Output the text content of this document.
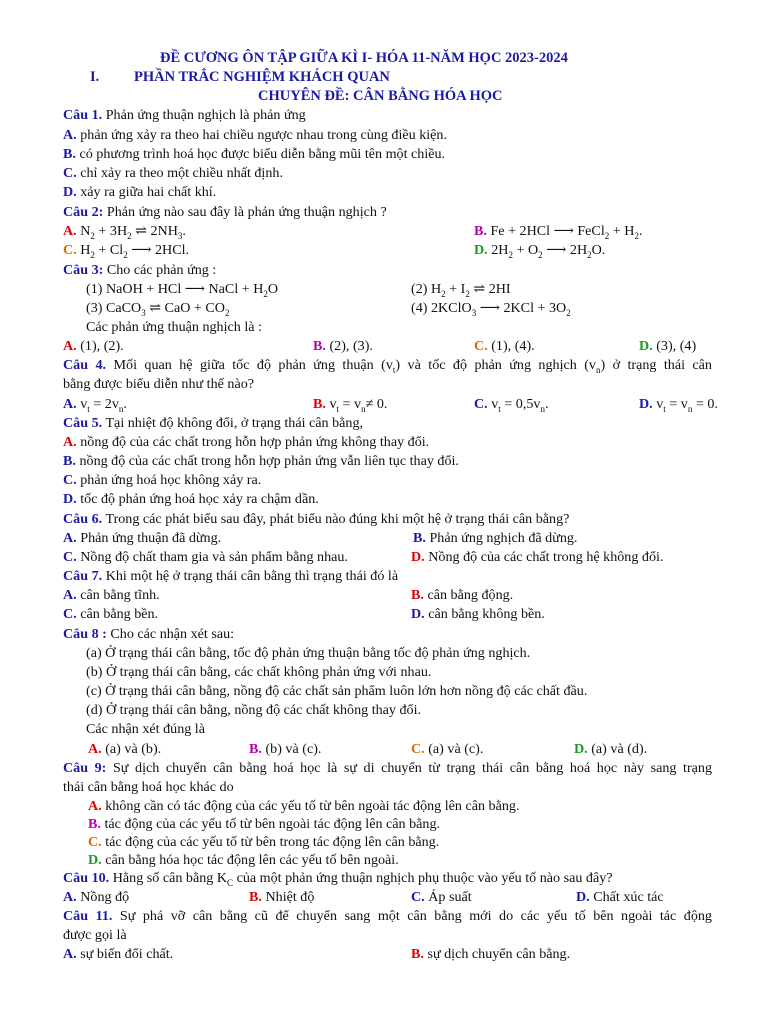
ĐỀ CƯƠNG ÔN TẬP GIỮA KÌ I- HÓA 11-NĂM HỌC 2023-2024
I. PHẦN TRẮC NGHIỆM KHÁCH QUAN
CHUYÊN ĐỀ: CÂN BẰNG HÓA HỌC
Câu 1. Phản ứng thuận nghịch là phản ứng
A. phản ứng xảy ra theo hai chiều ngược nhau trong cùng điều kiện.
B. có phương trình hoá học được biểu diễn bằng mũi tên một chiều.
C. chỉ xảy ra theo một chiều nhất định.
D. xảy ra giữa hai chất khí.
Câu 2: Phản ứng nào sau đây là phản ứng thuận nghịch ?
A. $N_2 + 3H_2$ ⇌ $2NH_3$.	B. Fe + 2HCl ⟶ FeCl$_2$ + $H_2$.
C. $H_2 + Cl_2$ ⟶ 2HCl.	D. $2H_2 + O_2$ ⟶ $2H_2O$.
Câu 3: Cho các phản ứng :
(1) NaOH + HCl ⟶ NaCl + $H_2O$	(2) $H_2 + I_2$ ⇌ 2HI
(3) CaCO$_3$ ⇌ CaO + $CO_2$	(4) 2KClO$_3$ ⟶ $2KCl + 3O_2$
Các phản ứng thuận nghịch là :
A. (1), (2).	B. (2), (3).	C. (1), (4).	D. (3), (4)
Câu 4. Mối quan hệ giữa tốc độ phản ứng thuận $(v_t)$ và tốc độ phản ứng nghịch $(v_n)$ ở trạng thái cân
bằng được biểu diễn như thế nào?
A. $v_t = 2v_n$.	B. $v_t = v_n\ne 0$.	C. $v_t = 0,5v_n$.	D. $v_t = v_n = 0$.
Câu 5. Tại nhiệt độ không đổi, ở trạng thái cân bằng,
A. nồng độ của các chất trong hỗn hợp phản ứng không thay đổi.
B. nồng độ của các chất trong hỗn hợp phản ứng vẫn liên tục thay đổi.
C. phản ứng hoá học không xảy ra.
D. tốc độ phản ứng hoá học xảy ra chậm dần.
Câu 6. Trong các phát biểu sau đây, phát biểu nào đúng khi một hệ ở trạng thái cân bằng?
A. Phản ứng thuận đã dừng.	B. Phản ứng nghịch đã dừng.
C. Nồng độ chất tham gia và sản phẩm bằng nhau.	D. Nồng độ của các chất trong hệ không đổi.
Câu 7. Khi một hệ ở trạng thái cân bằng thì trạng thái đó là
A. cân bằng tĩnh.	B. cân bằng động.
C. cân bằng bền.	D. cân bằng không bền.
Câu 8 : Cho các nhận xét sau:
(a) Ở trạng thái cân bằng, tốc độ phản ứng thuận bằng tốc độ phản ứng nghịch.
(b) Ở trạng thái cân bằng, các chất không phản ứng với nhau.
(c) Ở trạng thái cân bằng, nồng độ các chất sản phẩm luôn lớn hơn nồng độ các chất đầu.
(d) Ở trạng thái cân bằng, nồng độ các chất không thay đổi.
Các nhận xét đúng là
A. (a) và (b).	B. (b) và (c).	C. (a) và (c).	D. (a) và (d).
Câu 9: Sự dịch chuyển cân bằng hoá học là sự di chuyển từ trạng thái cân bằng hoá học này sang trạng
thái cân bằng hoá học khác do
A. không cần có tác động của các yếu tố từ bên ngoài tác động lên cân bằng.
B. tác động của các yếu tố từ bên ngoài tác động lên cân bằng.
C. tác động của các yếu tố từ bên trong tác động lên cân bằng.
D. cân bằng hóa học tác động lên các yếu tố bên ngoài.
Câu 10. Hằng số cân bằng $K_C$ của một phản ứng thuận nghịch phụ thuộc vào yếu tố nào sau đây?
A. Nồng độ	B. Nhiệt độ	C. Áp suất	D. Chất xúc tác
Câu 11. Sự phá vỡ cân bằng cũ để chuyển sang một cân bằng mới do các yếu tố bên ngoài tác động
được gọi là
A. sự biến đổi chất.	B. sự dịch chuyển cân bằng.
